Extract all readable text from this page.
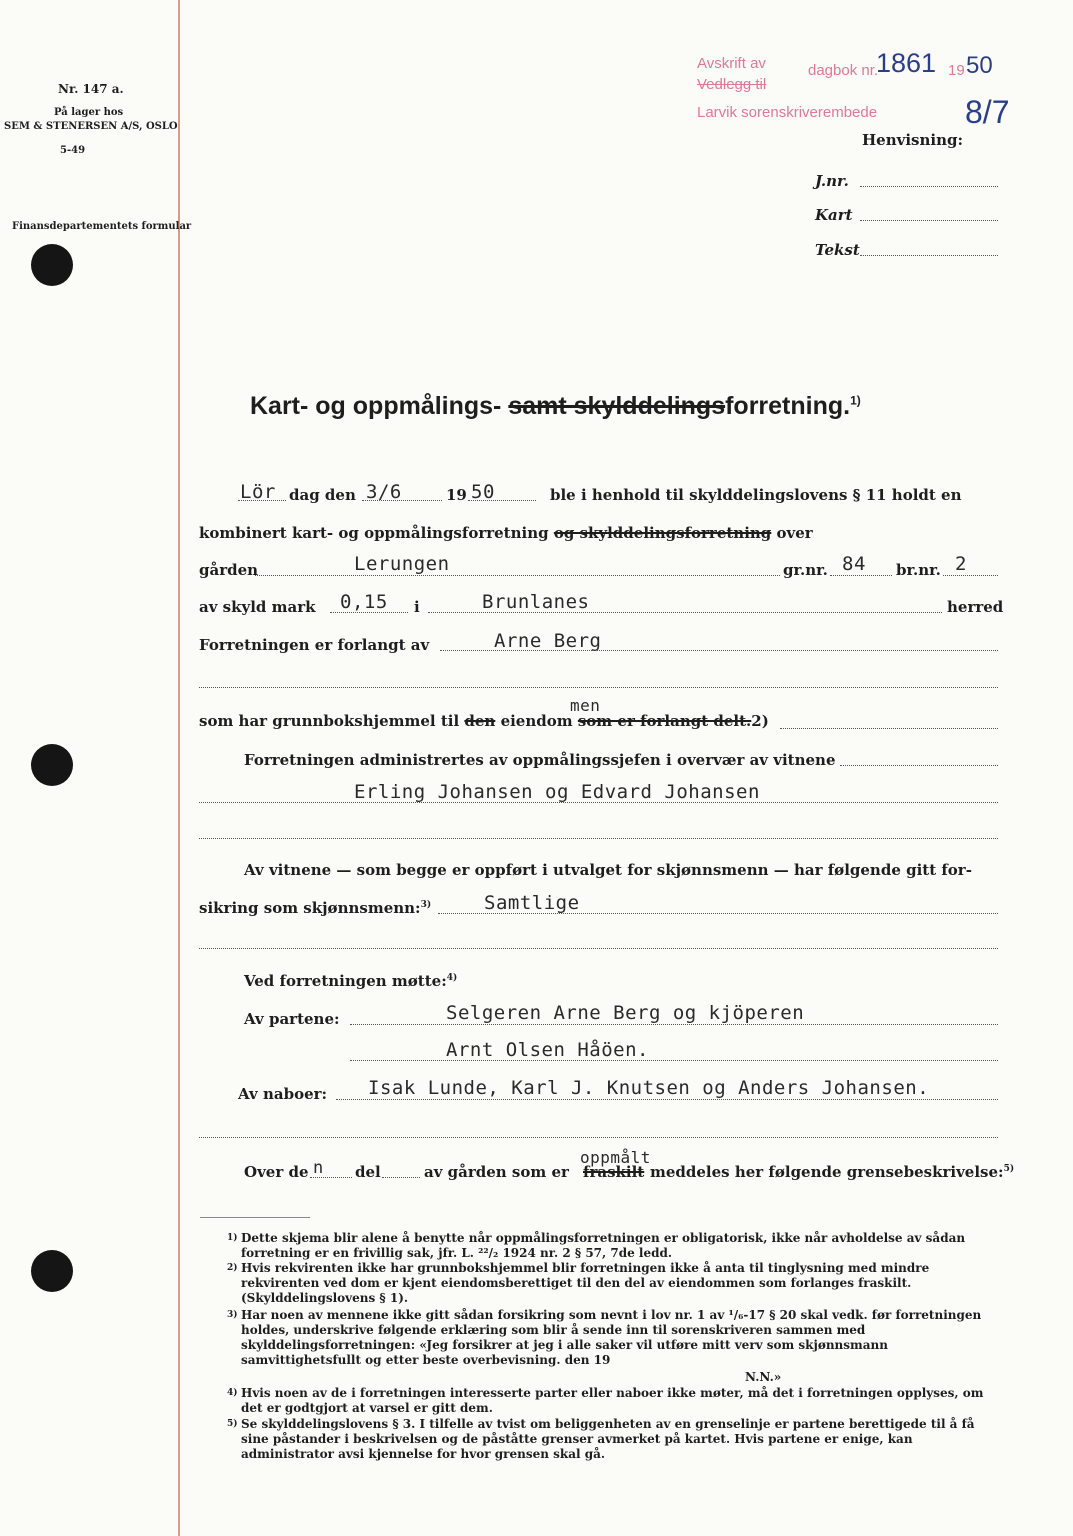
Nr. 147 a.
På lager hos
SEM & STENERSEN A/S, OSLO
5-49
Finansdepartementets formular
Avskrift av
Vedlegg til
dagbok nr.
1861 19 50
Larvik sorenskriverembede	8/7
Henvisning:
J.nr.
Kart
Tekst
Kart- og oppmålings- samt skylddelingsforretning.$^{1)}$
Lör dag den 3/6	19 50	ble i henhold til skylddelingslovens § 11 holdt en
kombinert kart- og oppmålingsforretning og skylddelingsforretning over
gården	Lerungen	gr.nr. 84 br.nr. 2
av skyld mark 0,15 i	Brunlanes	herred
Forretningen er forlangt av	Arne Berg
men
som har grunnbokshjemmel til den eiendom som er forlangt delt.2)
Forretningen administrertes av oppmålingssjefen i overvær av vitnene
Erling Johansen og Edvard Johansen
Av vitnene — som begge er oppført i utvalget for skjønnsmenn — har følgende gitt for-
sikring som skjønnsmenn:$^{3)}$	Samtlige
Ved forretningen møtte:$^{4)}$
Av partene:	Selgeren Arne Berg og kjöperen
Arnt Olsen Håöen.
Av naboer: Isak Lunde, Karl J. Knutsen og Anders Johansen.
oppmålt
Over de n del	av gården som er fraskilt meddeles her følgende grensebeskrivelse:$^{5)}$
1) Dette skjema blir alene å benytte når oppmålingsforretningen er obligatorisk, ikke når avholdelse av sådan forretning er en frivillig sak, jfr. L. ²²/₂ 1924 nr. 2 § 57, 7de ledd.
2) Hvis rekvirenten ikke har grunnbokshjemmel blir forretningen ikke å anta til tinglysning med mindre rekvirenten ved dom er kjent eiendomsberettiget til den del av eiendommen som forlanges fraskilt. (Skylddelingslovens § 1).
3) Har noen av mennene ikke gitt sådan forsikring som nevnt i lov nr. 1 av ¹/₆-17 § 20 skal vedk. før forretningen holdes, underskrive følgende erklæring som blir å sende inn til sorenskriveren sammen med skylddelingsforretningen: «Jeg forsikrer at jeg i alle saker vil utføre mitt verv som skjønnsmann samvittighetsfullt og etter beste overbevisning. den 19
N.N.»
4) Hvis noen av de i forretningen interesserte parter eller naboer ikke møter, må det i forretningen opplyses, om det er godtgjort at varsel er gitt dem.
5) Se skylddelingslovens § 3. I tilfelle av tvist om beliggenheten av en grenselinje er partene berettigede til å få sine påstander i beskrivelsen og de påståtte grenser avmerket på kartet. Hvis partene er enige, kan administrator avsi kjennelse for hvor grensen skal gå.
